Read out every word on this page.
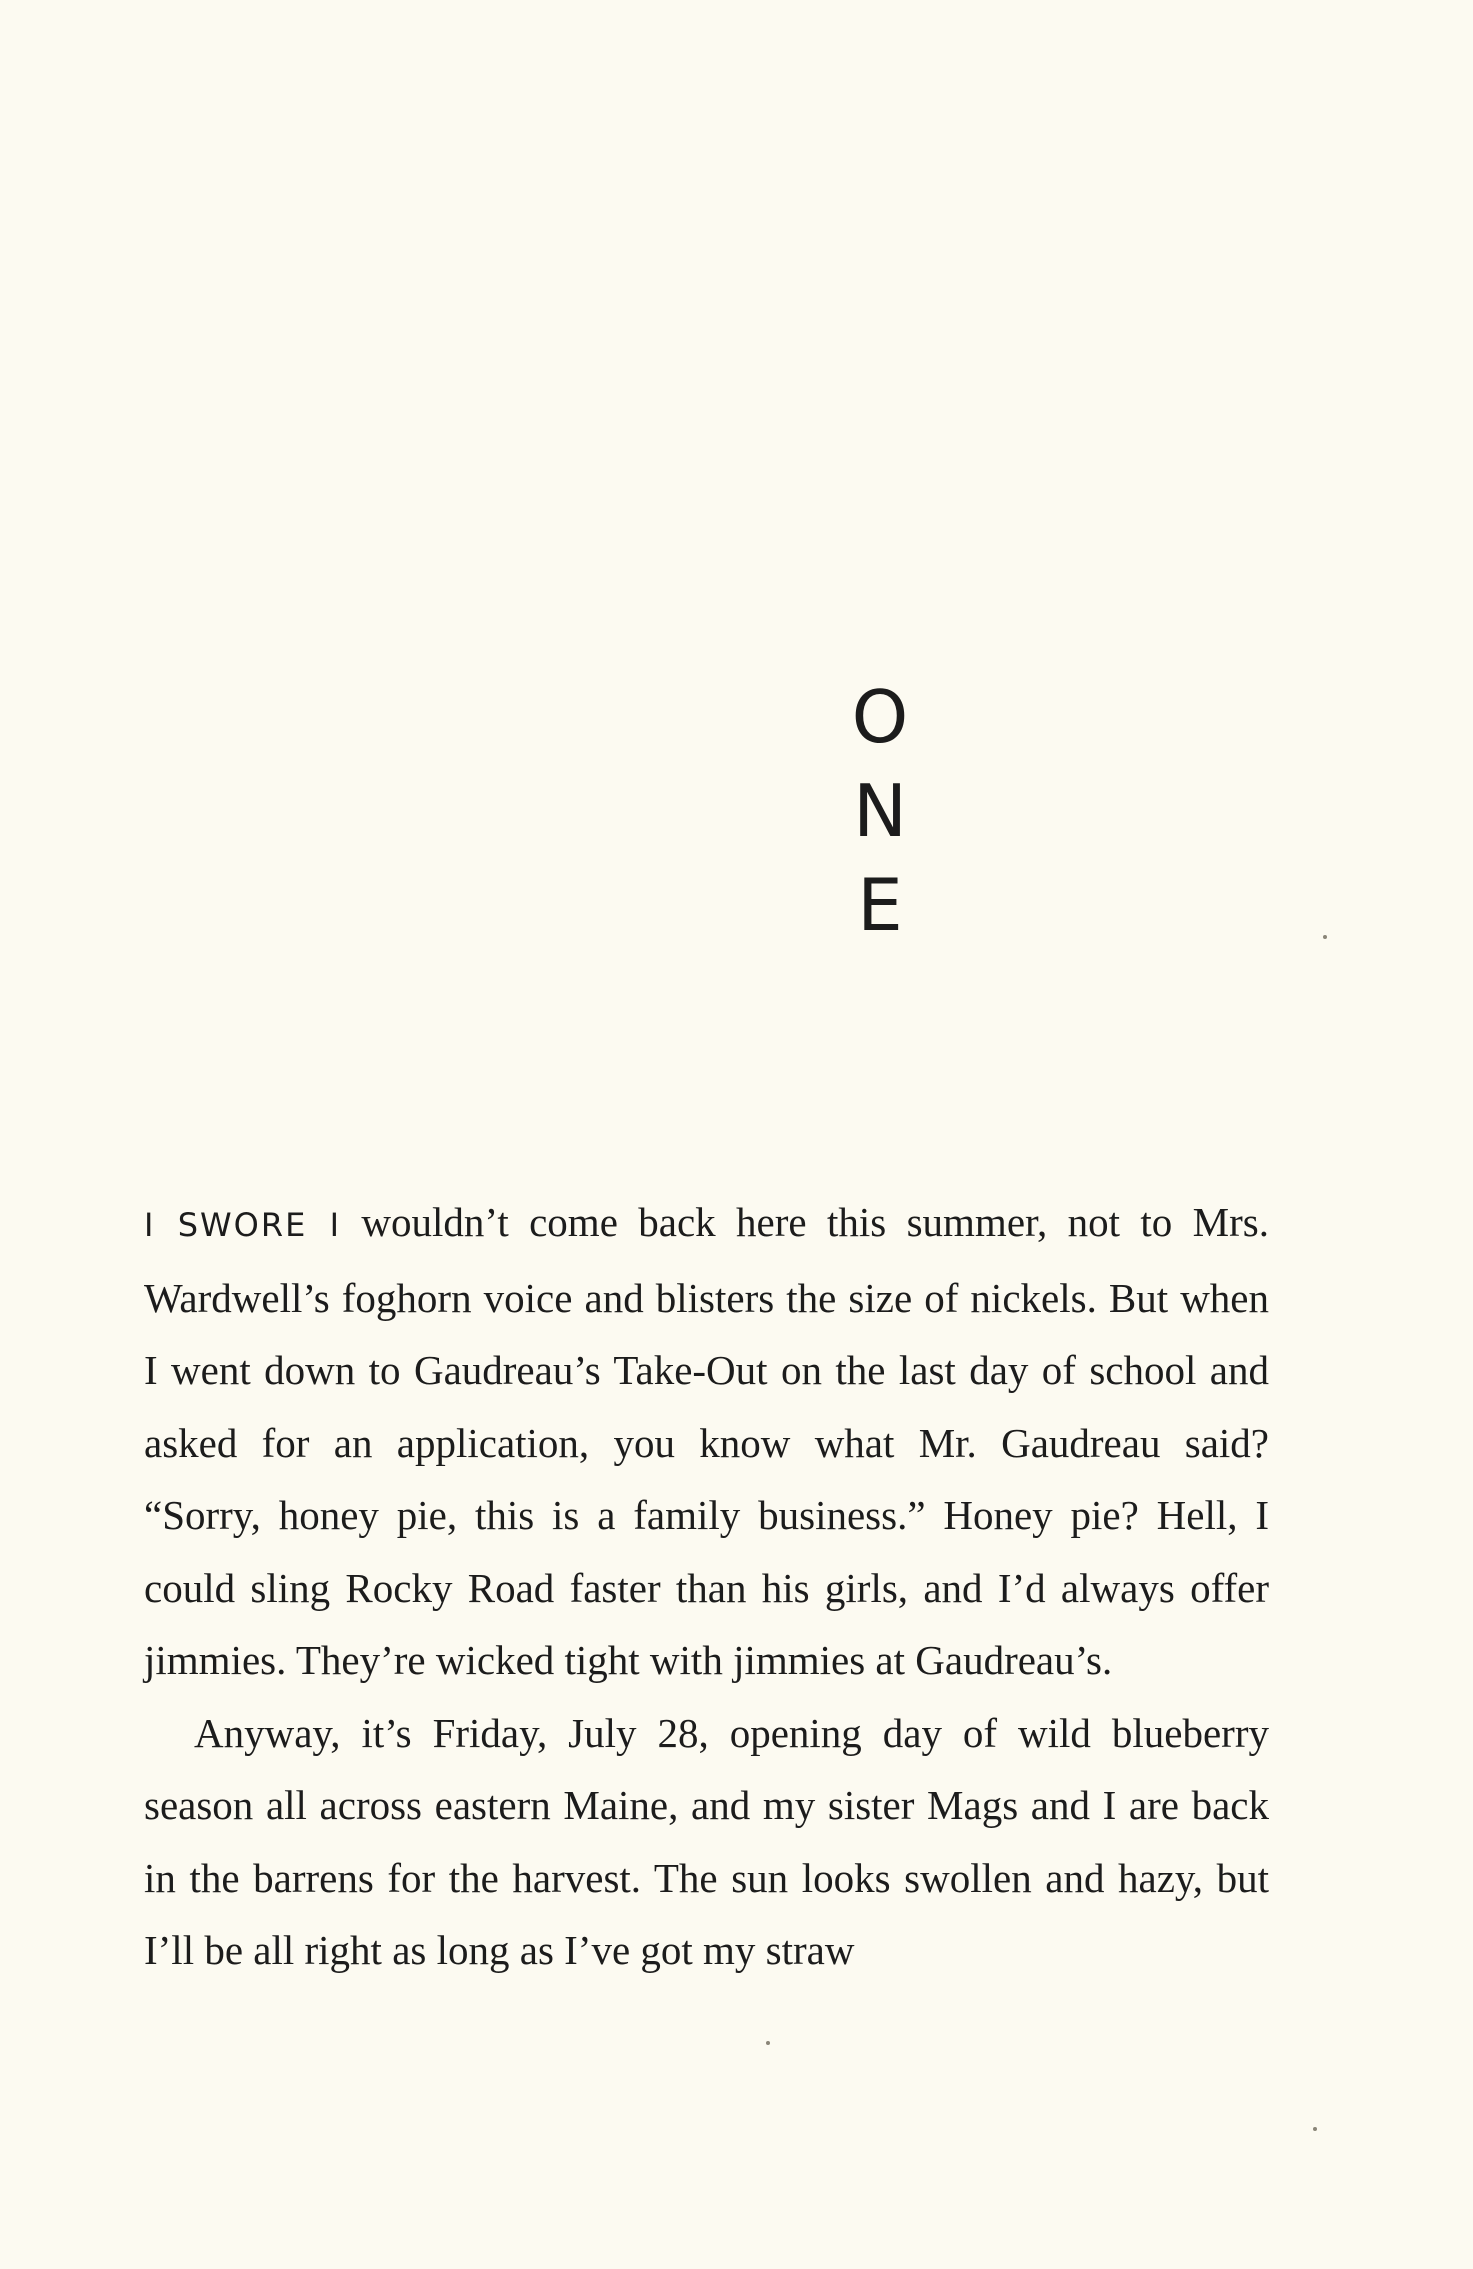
O
N
E

I SWORE I wouldn’t come back here this summer, not to Mrs. Wardwell’s foghorn voice and blisters the size of nickels. But when I went down to Gaudreau’s Take-Out on the last day of school and asked for an application, you know what Mr. Gaudreau said? “Sorry, honey pie, this is a family business.” Honey pie? Hell, I could sling Rocky Road faster than his girls, and I’d always offer jimmies. They’re wicked tight with jimmies at Gaudreau’s.

Anyway, it’s Friday, July 28, opening day of wild blueberry season all across eastern Maine, and my sister Mags and I are back in the barrens for the harvest. The sun looks swollen and hazy, but I’ll be all right as long as I’ve got my straw
